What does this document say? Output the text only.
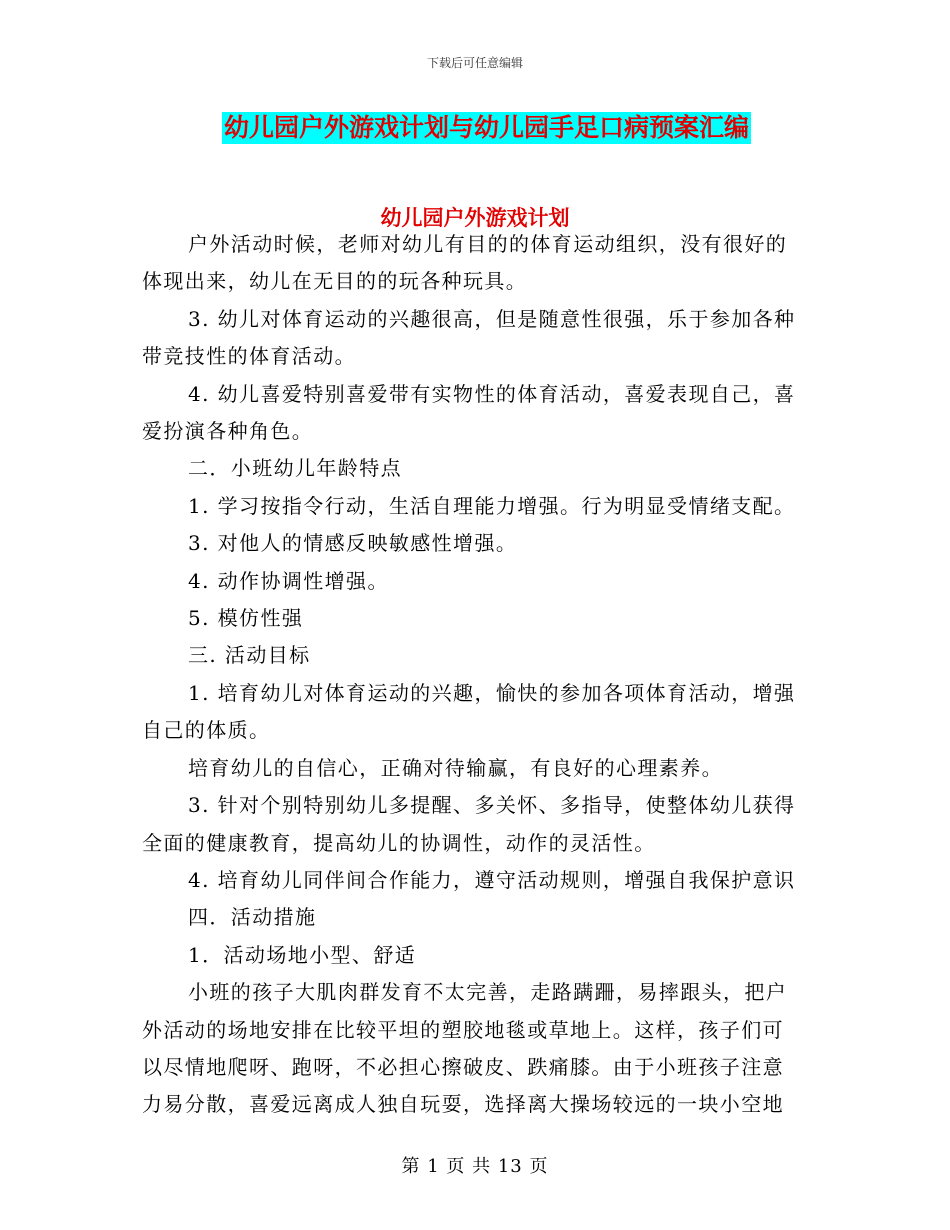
下载后可任意编辑
幼儿园户外游戏计划与幼儿园手足口病预案汇编
幼儿园户外游戏计划

户外活动时候，老师对幼儿有目的的体育运动组织，没有很好的

体现出来，幼儿在无目的的玩各种玩具。

3. 幼儿对体育运动的兴趣很高，但是随意性很强，乐于参加各种

带竞技性的体育活动。

4. 幼儿喜爱特别喜爱带有实物性的体育活动，喜爱表现自己，喜

爱扮演各种角色。

二．小班幼儿年龄特点

1. 学习按指令行动，生活自理能力增强。行为明显受情绪支配。

3. 对他人的情感反映敏感性增强。

4. 动作协调性增强。

5. 模仿性强

三. 活动目标

1. 培育幼儿对体育运动的兴趣，愉快的参加各项体育活动，增强

自己的体质。

培育幼儿的自信心，正确对待输赢，有良好的心理素养。

3. 针对个别特别幼儿多提醒、多关怀、多指导，使整体幼儿获得

全面的健康教育，提高幼儿的协调性，动作的灵活性。

4. 培育幼儿同伴间合作能力，遵守活动规则，增强自我保护意识

四．活动措施

1．活动场地小型、舒适

小班的孩子大肌肉群发育不太完善，走路蹒跚，易摔跟头，把户

外活动的场地安排在比较平坦的塑胶地毯或草地上。这样，孩子们可

以尽情地爬呀、跑呀，不必担心擦破皮、跌痛膝。由于小班孩子注意

力易分散，喜爱远离成人独自玩耍，选择离大操场较远的一块小空地

第 1 页 共 13 页
